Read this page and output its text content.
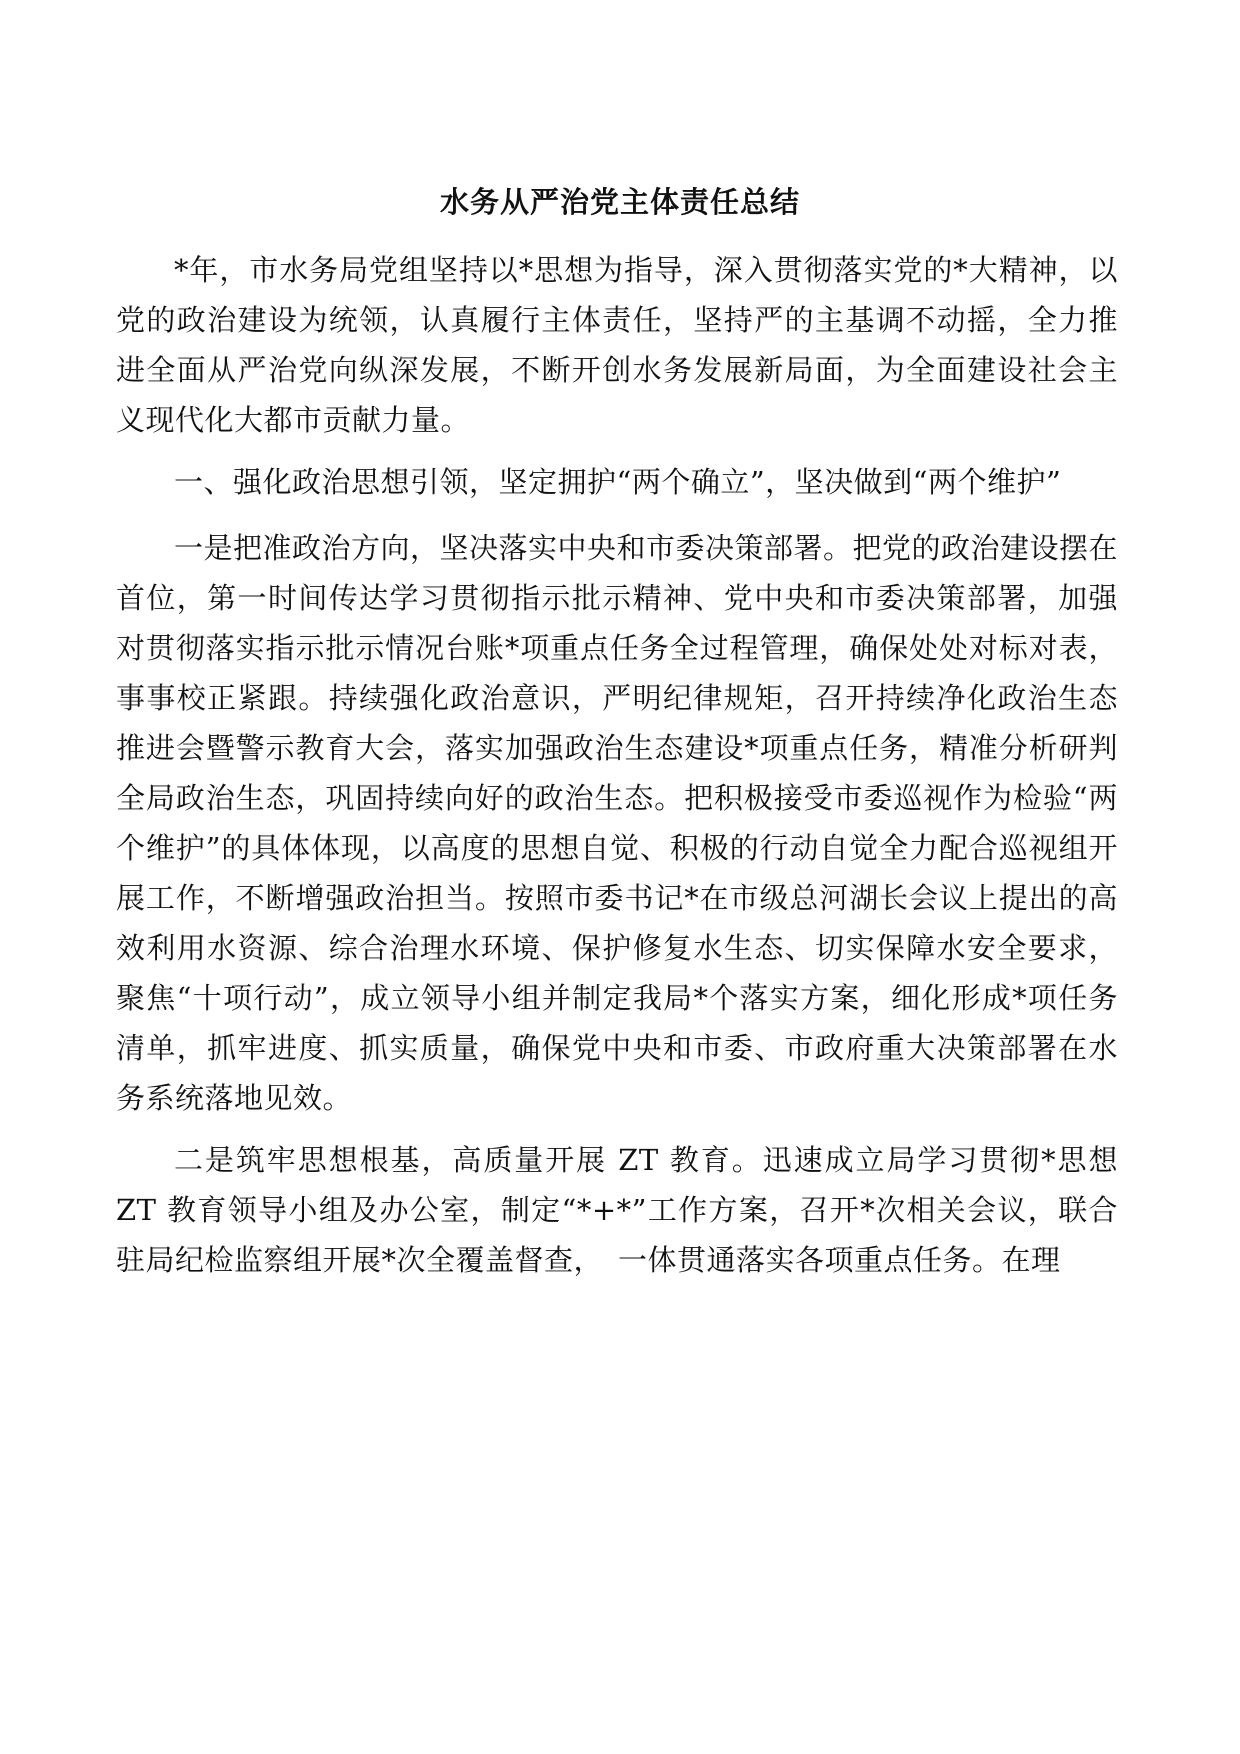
水务从严治党主体责任总结

*年，市水务局党组坚持以*思想为指导，深入贯彻落实党的*大精神，以党的政治建设为统领，认真履行主体责任，坚持严的主基调不动摇，全力推进全面从严治党向纵深发展，不断开创水务发展新局面，为全面建设社会主义现代化大都市贡献力量。

一、强化政治思想引领，坚定拥护“两个确立”，坚决做到“两个维护”

一是把准政治方向，坚决落实中央和市委决策部署。把党的政治建设摆在首位，第一时间传达学习贯彻指示批示精神、党中央和市委决策部署，加强对贯彻落实指示批示情况台账*项重点任务全过程管理，确保处处对标对表，事事校正紧跟。持续强化政治意识，严明纪律规矩，召开持续净化政治生态推进会暨警示教育大会，落实加强政治生态建设*项重点任务，精准分析研判全局政治生态，巩固持续向好的政治生态。把积极接受市委巡视作为检验“两个维护”的具体体现，以高度的思想自觉、积极的行动自觉全力配合巡视组开展工作，不断增强政治担当。按照市委书记*在市级总河湖长会议上提出的高效利用水资源、综合治理水环境、保护修复水生态、切实保障水安全要求，聚焦“十项行动”，成立领导小组并制定我局*个落实方案，细化形成*项任务清单，抓牢进度、抓实质量，确保党中央和市委、市政府重大决策部署在水务系统落地见效。

二是筑牢思想根基，高质量开展 ZT 教育。迅速成立局学习贯彻*思想 ZT 教育领导小组及办公室，制定“*+*”工作方案，召开*次相关会议，联合驻局纪检监察组开展*次全覆盖督查，　一体贯通落实各项重点任务。在理
